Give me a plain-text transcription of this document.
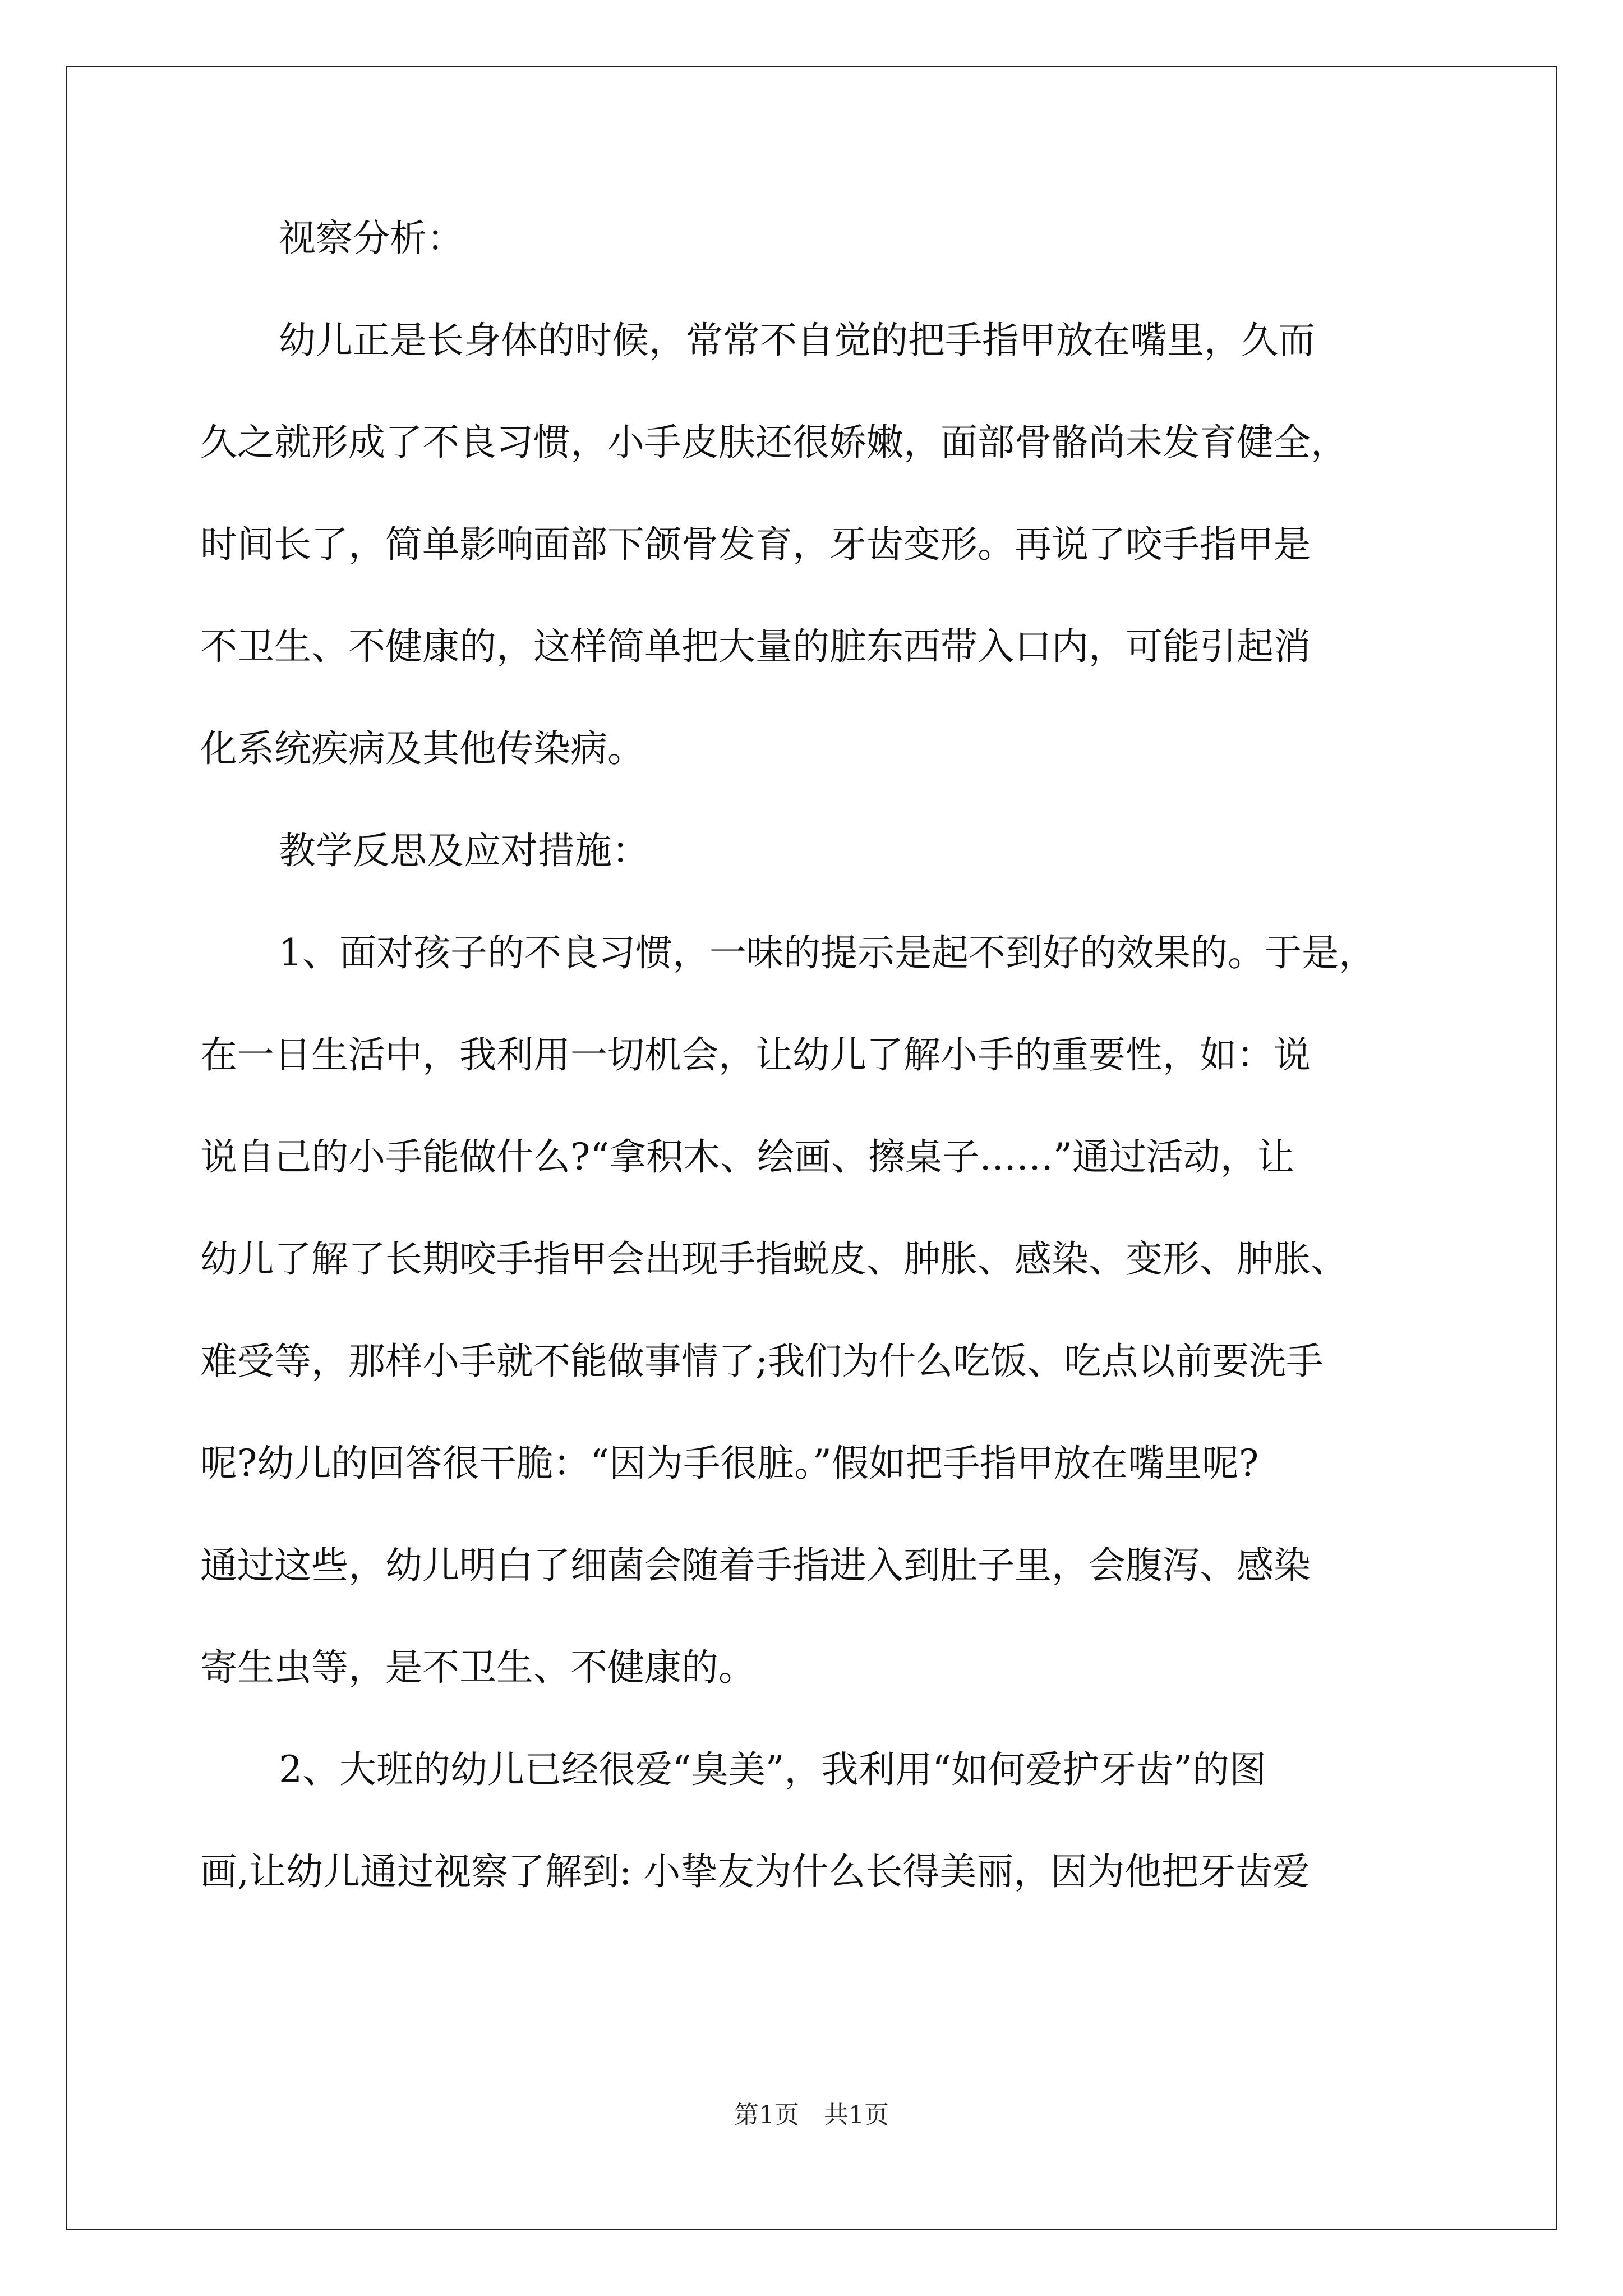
视察分析：
幼儿正是长身体的时候，常常不自觉的把手指甲放在嘴里，久而
久之就形成了不良习惯，小手皮肤还很娇嫩，面部骨骼尚未发育健全，
时间长了，简单影响面部下颌骨发育，牙齿变形。再说了咬手指甲是
不卫生、不健康的，这样简单把大量的脏东西带入口内，可能引起消
化系统疾病及其他传染病。
教学反思及应对措施：
1、面对孩子的不良习惯，一味的提示是起不到好的效果的。于是，
在一日生活中，我利用一切机会，让幼儿了解小手的重要性，如：说
说自己的小手能做什么?“拿积木、绘画、擦桌子……”通过活动，让
幼儿了解了长期咬手指甲会出现手指蜕皮、肿胀、感染、变形、肿胀、
难受等，那样小手就不能做事情了;我们为什么吃饭、吃点以前要洗手
呢?幼儿的回答很干脆：“因为手很脏。”假如把手指甲放在嘴里呢?
通过这些，幼儿明白了细菌会随着手指进入到肚子里，会腹泻、感染
寄生虫等，是不卫生、不健康的。
2、大班的幼儿已经很爱“臭美”，我利用“如何爱护牙齿”的图
画,让幼儿通过视察了解到: 小挚友为什么长得美丽，因为他把牙齿爱
第1页　共1页
